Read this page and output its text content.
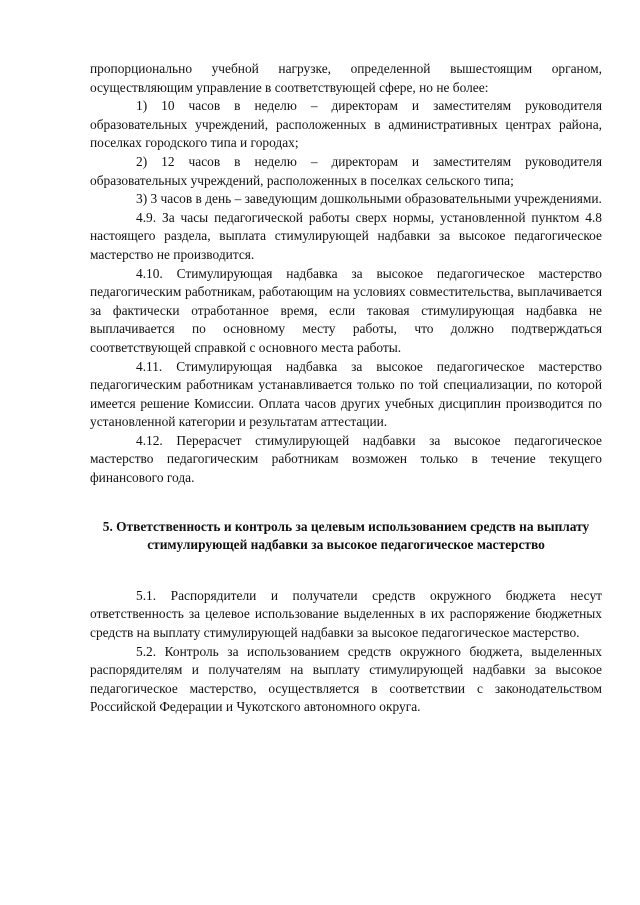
пропорционально учебной нагрузке, определенной вышестоящим органом, осуществляющим управление в соответствующей сфере, но не более:

1) 10 часов в неделю – директорам и заместителям руководителя образовательных учреждений, расположенных в административных центрах района, поселках городского типа и городах;

2) 12 часов в неделю – директорам и заместителям руководителя образовательных учреждений, расположенных в поселках сельского типа;

3) 3 часов в день – заведующим дошкольными образовательными учреждениями.

4.9. За часы педагогической работы сверх нормы, установленной пунктом 4.8 настоящего раздела, выплата стимулирующей надбавки за высокое педагогическое мастерство не производится.

4.10. Стимулирующая надбавка за высокое педагогическое мастерство педагогическим работникам, работающим на условиях совместительства, выплачивается за фактически отработанное время, если таковая стимулирующая надбавка не выплачивается по основному месту работы, что должно подтверждаться соответствующей справкой с основного места работы.

4.11. Стимулирующая надбавка за высокое педагогическое мастерство педагогическим работникам устанавливается только по той специализации, по которой имеется решение Комиссии. Оплата часов других учебных дисциплин производится по установленной категории и результатам аттестации.

4.12. Перерасчет стимулирующей надбавки за высокое педагогическое мастерство педагогическим работникам возможен только в течение текущего финансового года.

5. Ответственность и контроль за целевым использованием средств на выплату стимулирующей надбавки за высокое педагогическое мастерство

5.1. Распорядители и получатели средств окружного бюджета несут ответственность за целевое использование выделенных в их распоряжение бюджетных средств на выплату стимулирующей надбавки за высокое педагогическое мастерство.

5.2. Контроль за использованием средств окружного бюджета, выделенных распорядителям и получателям на выплату стимулирующей надбавки за высокое педагогическое мастерство, осуществляется в соответствии с законодательством Российской Федерации и Чукотского автономного округа.
